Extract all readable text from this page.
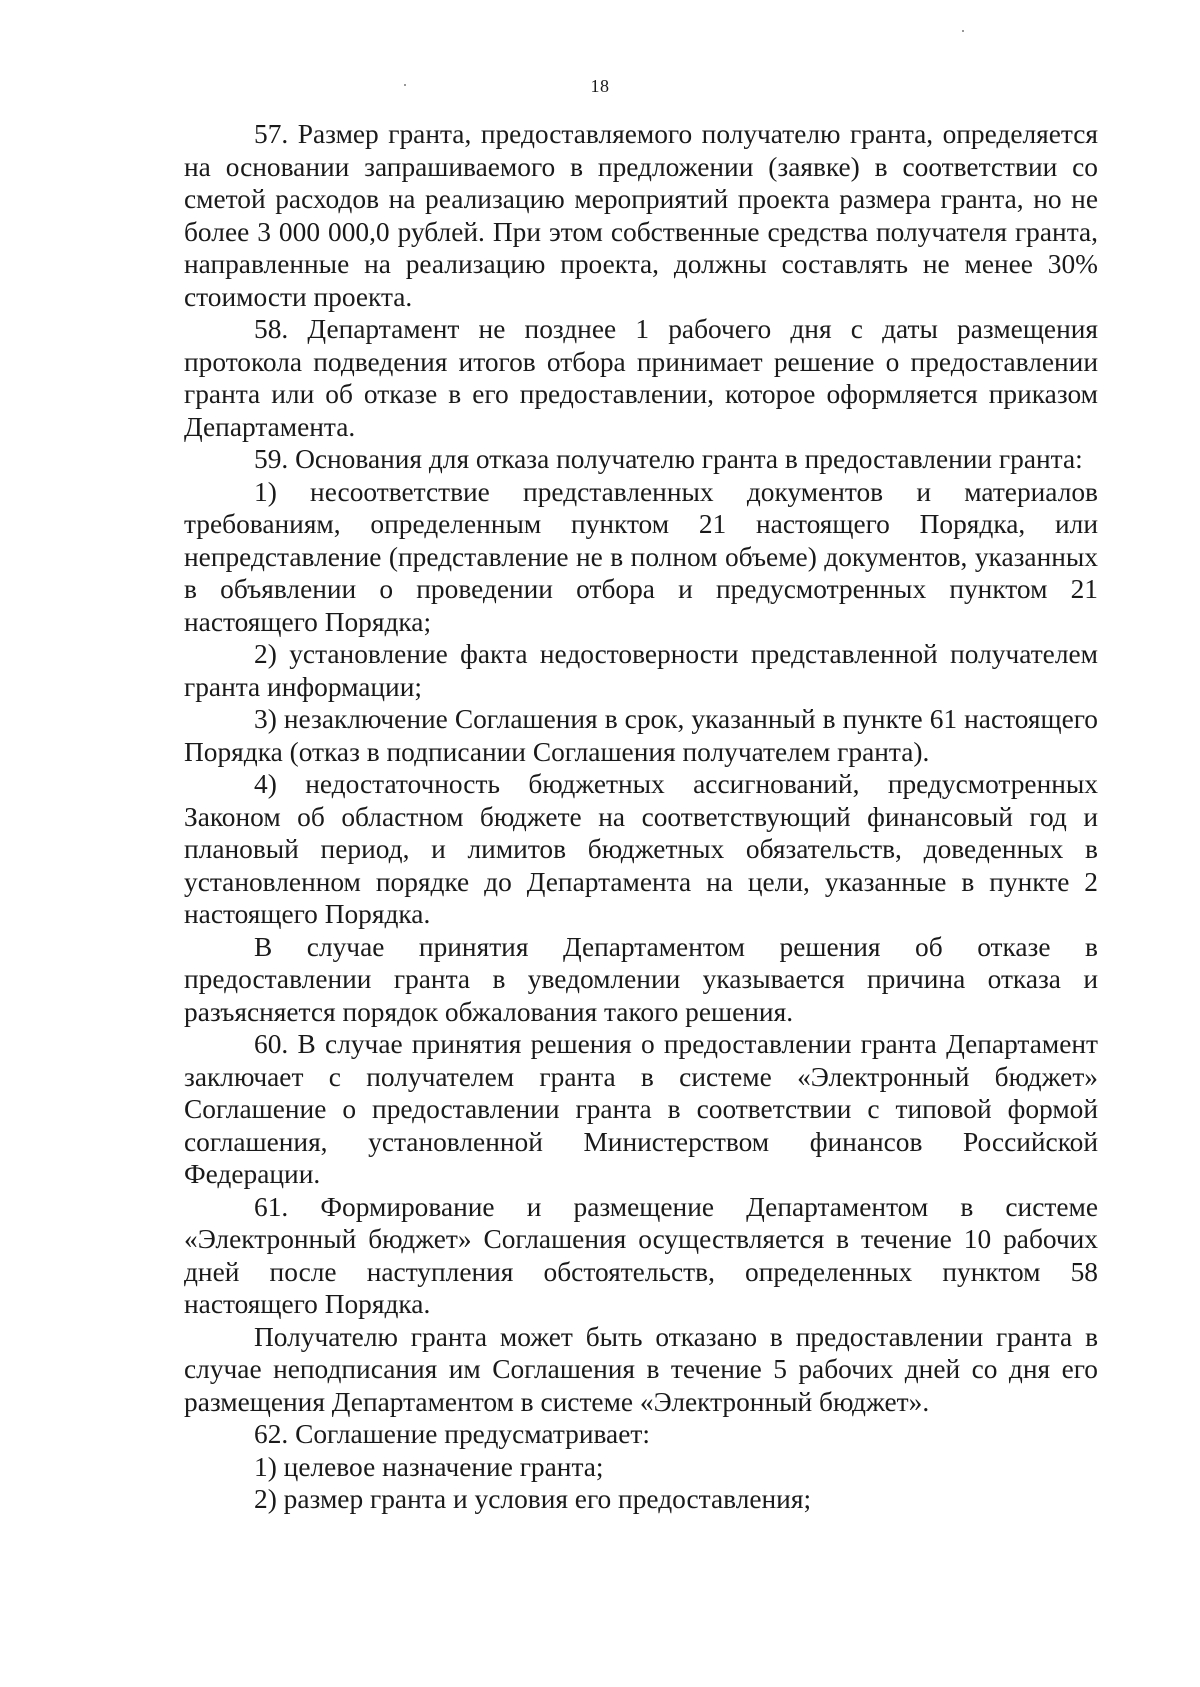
18

57. Размер гранта, предоставляемого получателю гранта, определяется на основании запрашиваемого в предложении (заявке) в соответствии со сметой расходов на реализацию мероприятий проекта размера гранта, но не более 3 000 000,0 рублей. При этом собственные средства получателя гранта, направленные на реализацию проекта, должны составлять не менее 30% стоимости проекта.

58. Департамент не позднее 1 рабочего дня с даты размещения протокола подведения итогов отбора принимает решение о предоставлении гранта или об отказе в его предоставлении, которое оформляется приказом Департамента.

59. Основания для отказа получателю гранта в предоставлении гранта:

1) несоответствие представленных документов и материалов требованиям, определенным пунктом 21 настоящего Порядка, или непредставление (представление не в полном объеме) документов, указанных в объявлении о проведении отбора и предусмотренных пунктом 21 настоящего Порядка;

2) установление факта недостоверности представленной получателем гранта информации;

3) незаключение Соглашения в срок, указанный в пункте 61 настоящего Порядка (отказ в подписании Соглашения получателем гранта).

4) недостаточность бюджетных ассигнований, предусмотренных Законом об областном бюджете на соответствующий финансовый год и плановый период, и лимитов бюджетных обязательств, доведенных в установленном порядке до Департамента на цели, указанные в пункте 2 настоящего Порядка.

В случае принятия Департаментом решения об отказе в предоставлении гранта в уведомлении указывается причина отказа и разъясняется порядок обжалования такого решения.

60. В случае принятия решения о предоставлении гранта Департамент заключает с получателем гранта в системе «Электронный бюджет» Соглашение о предоставлении гранта в соответствии с типовой формой соглашения, установленной Министерством финансов Российской Федерации.

61. Формирование и размещение Департаментом в системе «Электронный бюджет» Соглашения осуществляется в течение 10 рабочих дней после наступления обстоятельств, определенных пунктом 58 настоящего Порядка.

Получателю гранта может быть отказано в предоставлении гранта в случае неподписания им Соглашения в течение 5 рабочих дней со дня его размещения Департаментом в системе «Электронный бюджет».

62. Соглашение предусматривает:

1) целевое назначение гранта;

2) размер гранта и условия его предоставления;
